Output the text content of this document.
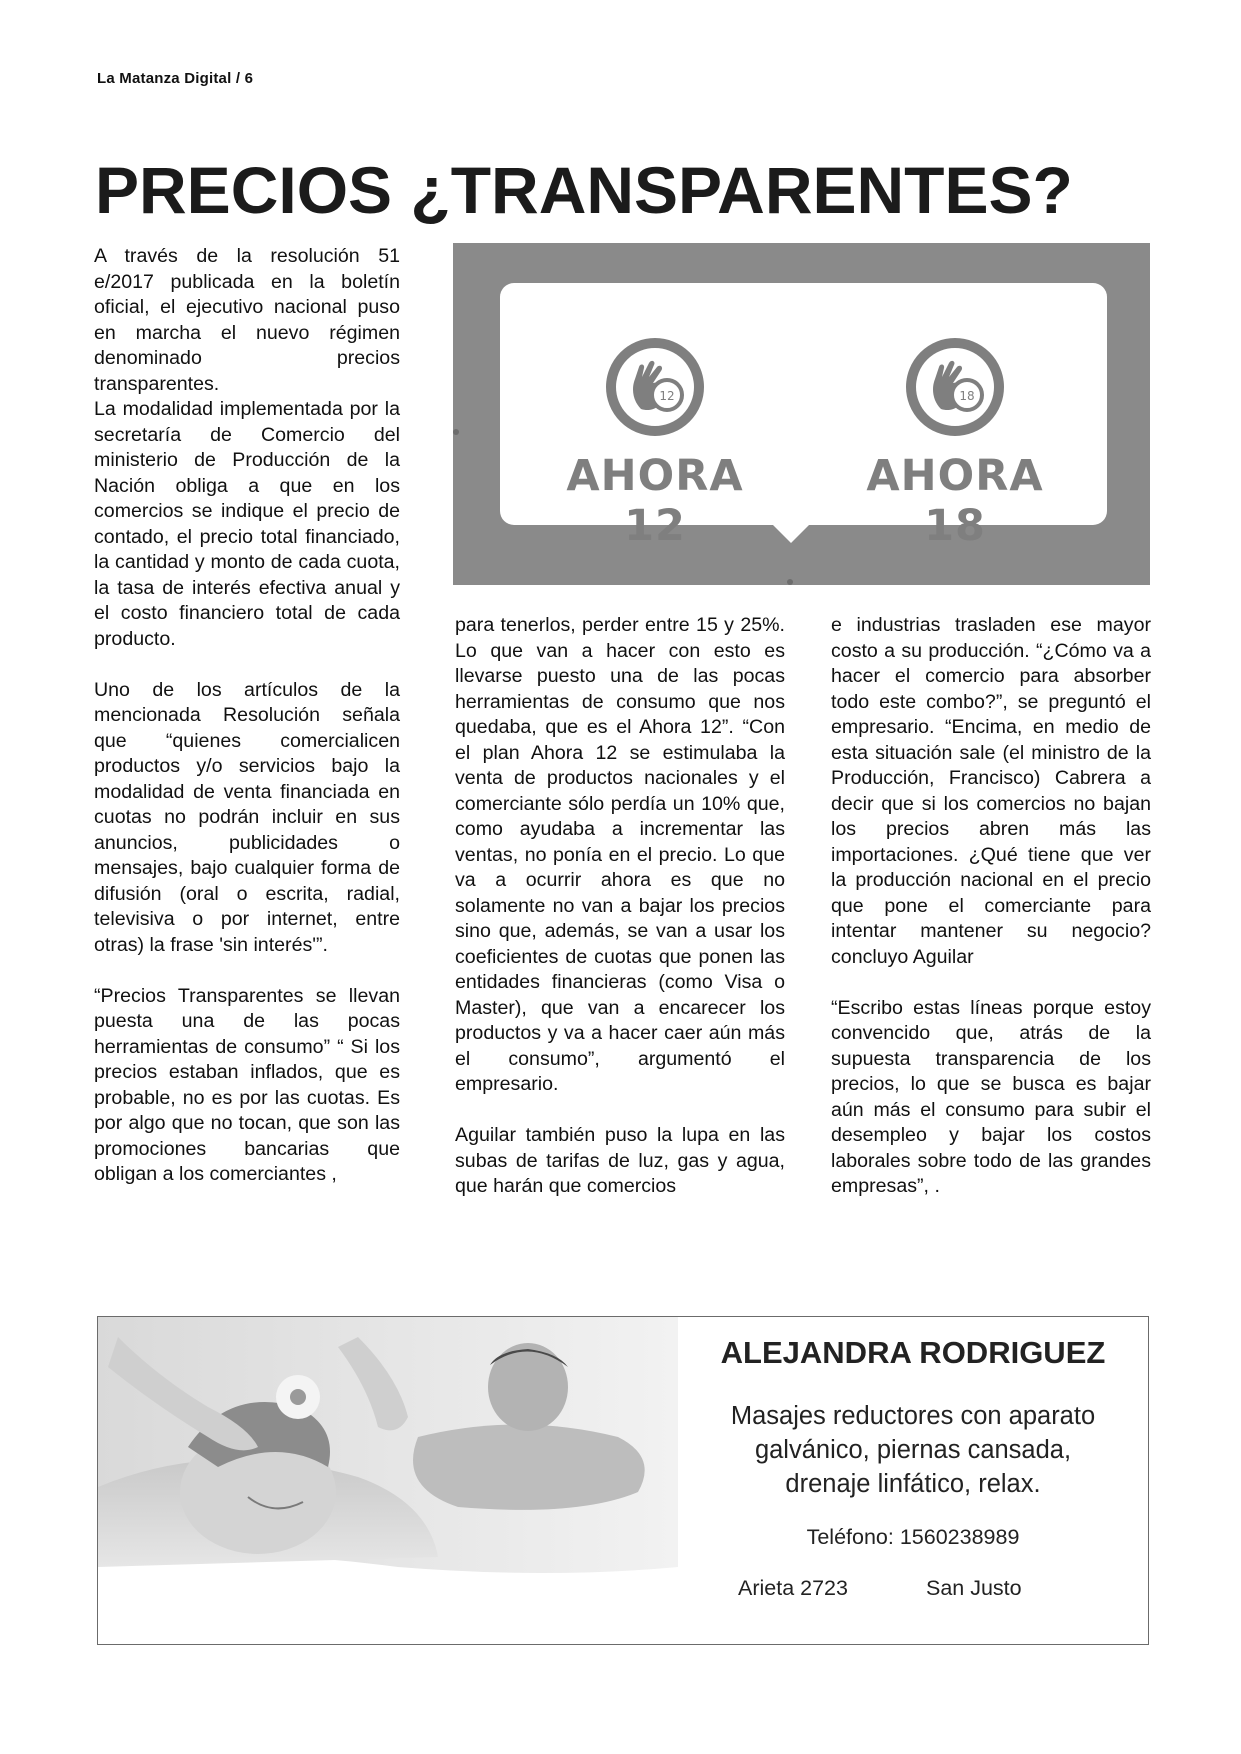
La Matanza Digital / 6
PRECIOS ¿TRANSPARENTES?

A través de la resolución 51 e/2017 publicada en la boletín oficial, el ejecutivo nacional puso en marcha el nuevo régimen denominado precios transparentes.

La modalidad implementada por la secretaría de Comercio del ministerio de Producción de la Nación obliga a que en los comercios se indique el precio de contado, el precio total financiado, la cantidad y monto de cada cuota, la tasa de interés efectiva anual y el costo financiero total de cada producto.

Uno de los artículos de la mencionada Resolución señala que “quienes comercialicen productos y/o servicios bajo la modalidad de venta financiada en cuotas no podrán incluir en sus anuncios, publicidades o mensajes, bajo cualquier forma de difusión (oral o escrita, radial, televisiva o por internet, entre otras) la frase 'sin interés'”.

“Precios Transparentes se llevan puesta una de las pocas herramientas de consumo” “ Si los precios estaban inflados, que es probable, no es por las cuotas. Es por algo que no tocan, que son las promociones bancarias que obligan a los comerciantes ,

12
AHORA 12
18
AHORA 18

para tenerlos, perder entre 15 y 25%. Lo que van a hacer con esto es llevarse puesto una de las pocas herramientas de consumo que nos quedaba, que es el Ahora 12”. “Con el plan Ahora 12 se estimulaba la venta de productos nacionales y el comerciante sólo perdía un 10% que, como ayudaba a incrementar las ventas, no ponía en el precio. Lo que va a ocurrir ahora es que no solamente no van a bajar los precios sino que, además, se van a usar los coeficientes de cuotas que ponen las entidades financieras (como Visa o Master), que van a encarecer los productos y va a hacer caer aún más el consumo”, argumentó el empresario.

Aguilar también puso la lupa en las subas de tarifas de luz, gas y agua, que harán que comercios

e industrias trasladen ese mayor costo a su producción. “¿Cómo va a hacer el comercio para absorber todo este combo?”, se preguntó el empresario. “Encima, en medio de esta situación sale (el ministro de la Producción, Francisco) Cabrera a decir que si los comercios no bajan los precios abren más las importaciones. ¿Qué tiene que ver la producción nacional en el precio que pone el comerciante para intentar mantener su negocio? concluyo Aguilar

“Escribo estas líneas porque estoy convencido que, atrás de la supuesta transparencia de los precios, lo que se busca es bajar aún más el consumo para subir el desempleo y bajar los costos laborales sobre todo de las grandes empresas”, .

ALEJANDRA RODRIGUEZ
Masajes reductores con aparato
galvánico, piernas cansada,
drenaje linfático, relax.
Teléfono: 1560238989
Arieta 2723	San Justo
